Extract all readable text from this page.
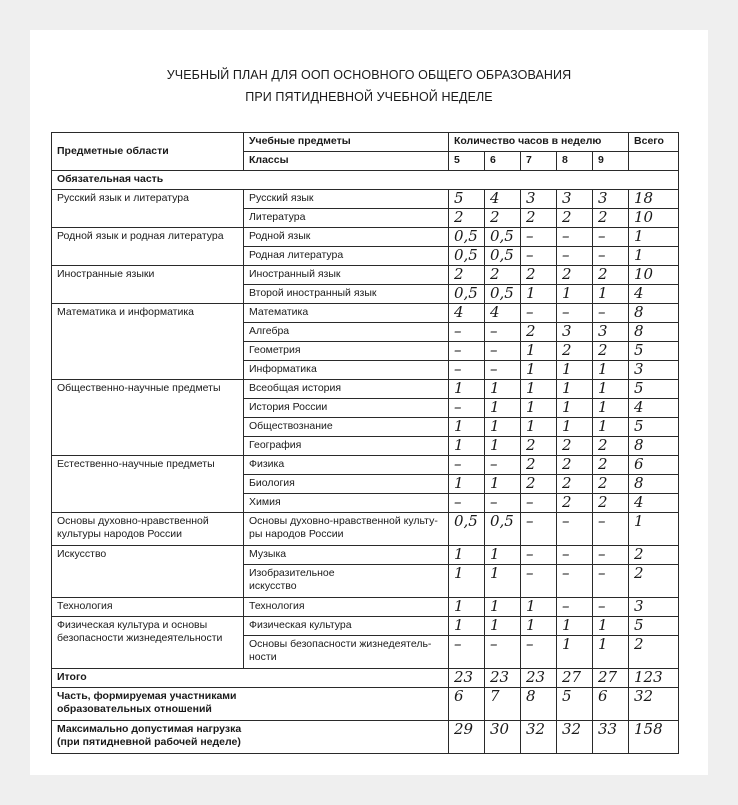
УЧЕБНЫЙ ПЛАН ДЛЯ ООП ОСНОВНОГО ОБЩЕГО ОБРАЗОВАНИЯ
ПРИ ПЯТИДНЕВНОЙ УЧЕБНОЙ НЕДЕЛЕ
Предметные области	Учебные предметы	Количество часов в неделю					Всего
	Классы	5	6	7	8	9	
Обязательная часть							
Русский язык и литература	Русский язык	5	4	3	3	3	18
	Литература	2	2	2	2	2	10
Родной язык и родная литература	Родной язык	0,5	0,5	–	–	–	1
	Родная литература	0,5	0,5	–	–	–	1
Иностранные языки	Иностранный язык	2	2	2	2	2	10
	Второй иностранный язык	0,5	0,5	1	1	1	4
Математика и информатика	Математика	4	4	–	–	–	8
	Алгебра	–	–	2	3	3	8
	Геометрия	–	–	1	2	2	5
	Информатика	–	–	1	1	1	3
Общественно-научные предметы	Всеобщая история	1	1	1	1	1	5
	История России	–	1	1	1	1	4
	Обществознание	1	1	1	1	1	5
	География	1	1	2	2	2	8
Естественно-научные предметы	Физика	–	–	2	2	2	6
	Биология	1	1	2	2	2	8
	Химия	–	–	–	2	2	4
Основы духовно-нравственной культуры народов России	Основы духовно-нравственной культу-
ры народов России	0,5	0,5	–	–	–	1
Искусство	Музыка	1	1	–	–	–	2
	Изобразительное
искусство	1	1	–	–	–	2
Технология	Технология	1	1	1	–	–	3
Физическая культура и основы безопасности жизнедеятельности	Физическая культура	1	1	1	1	1	5
	Основы безопасности жизнедеятель-
ности	–	–	–	1	1	2
Итого		23	23	23	27	27	123
Часть, формируемая участниками
образовательных отношений		6	7	8	5	6	32
Максимально допустимая нагрузка
(при пятидневной рабочей неделе)		29	30	32	32	33	158
